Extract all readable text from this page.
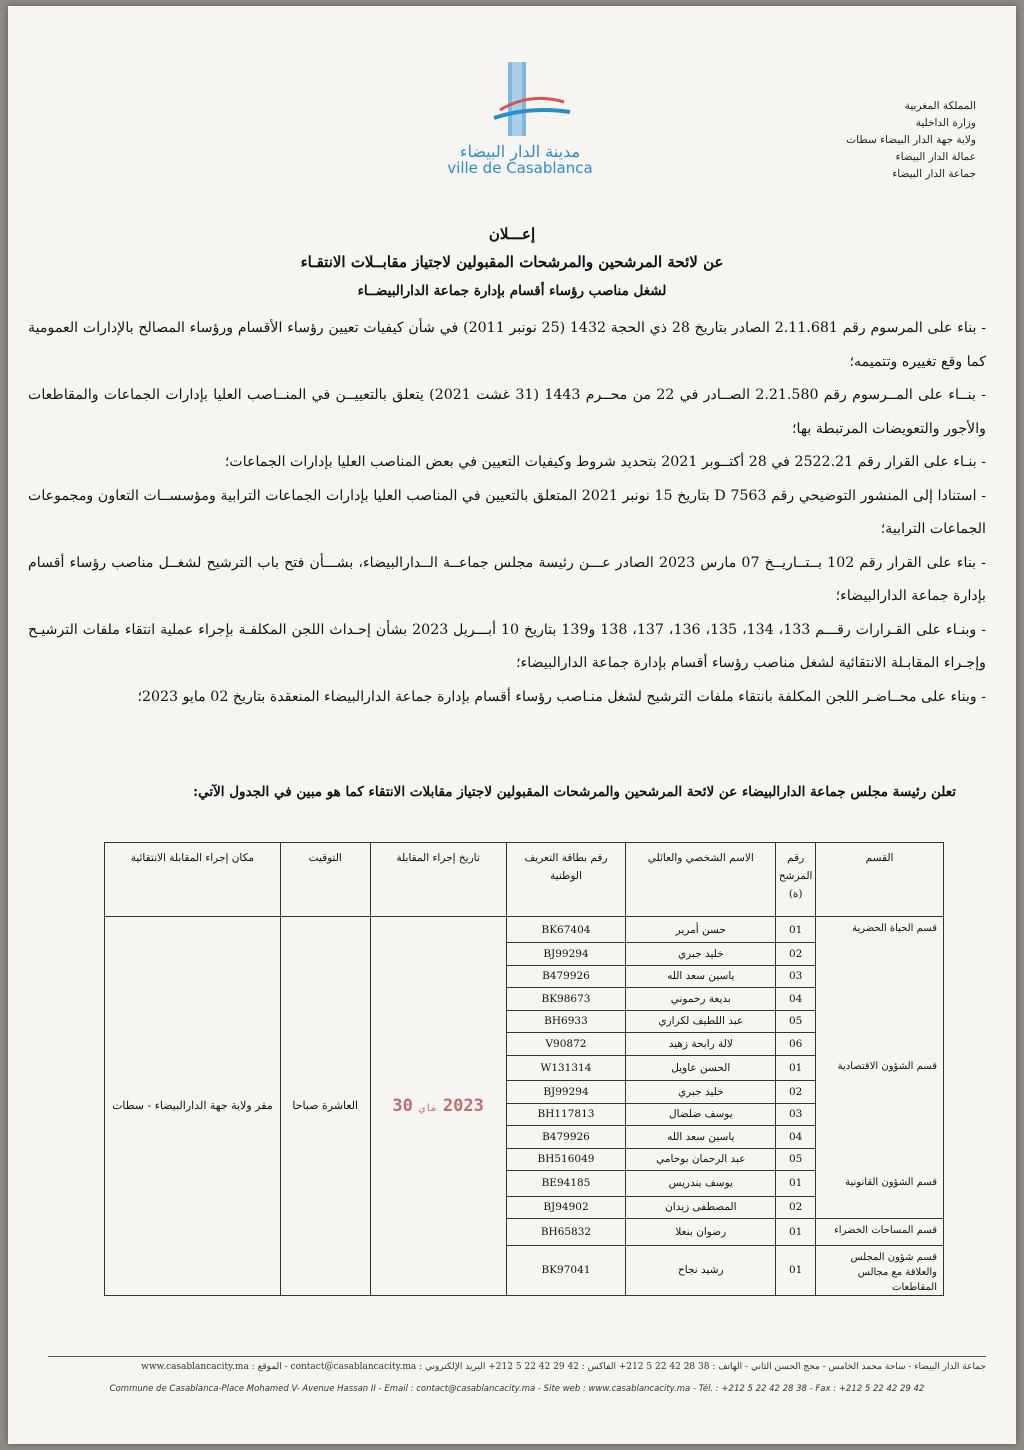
المملكة المغربية
وزارة الداخلية
ولاية جهة الدار البيضاء سطات
عمالة الدار البيضاء
جماعة الدار البيضاء
مدينة الدار البيضاء
ville de Casablanca
إعـــلان
عن لائحة المرشحين والمرشحات المقبولين لاجتياز مقابــلات الانتقـاء
لشغل مناصب رؤساء أقسام بإدارة جماعة الدارالبيضــاء

- بناء على المرسوم رقم 2.11.681 الصادر بتاريخ 28 ذي الحجة 1432 (25 نونبر 2011) في شأن كيفيات تعيين رؤساء الأقسام ورؤساء المصالح بالإدارات العمومية كما وقع تغييره وتتميمه؛

- بنــاء على المــرسوم رقم 2.21.580 الصــادر في 22 من محــرم 1443 (31 غشت 2021) يتعلق بالتعييــن في المنــاصب العليا بإدارات الجماعات والمقاطعات والأجور والتعويضات المرتبطة بها؛

- بنـاء على القرار رقم 2522.21 في 28 أكتــوبر 2021 بتحديد شروط وكيفيات التعيين في بعض المناصب العليا بإدارات الجماعات؛

- استنادا إلى المنشور التوضيحي رقم D 7563 بتاريخ 15 نونبر 2021 المتعلق بالتعيين في المناصب العليا بإدارات الجماعات الترابية ومؤسســات التعاون ومجموعات الجماعات الترابية؛

- بناء على القرار رقم 102 بــتــاريــخ 07 مارس 2023 الصادر عـــن رئيسة مجلس جماعــة الــدارالبيضاء، بشـــأن فتح باب الترشيح لشغــل مناصب رؤساء أقسام بإدارة جماعة الدارالبيضاء؛

- وبنـاء على القـرارات رقـــم 133، 134، 135، 136، 137، 138 و139 بتاريخ 10 أبـــريل 2023 بشأن إحـداث اللجن المكلفـة بإجراء عملية انتقاء ملفات الترشيـح وإجـراء المقابـلة الانتقائية لشغل مناصب رؤساء أقسام بإدارة جماعة الدارالبيضاء؛

- وبناء على محــاضـر اللجن المكلفة بانتقاء ملفات الترشيح لشغل منـاصب رؤساء أقسام بإدارة جماعة الدارالبيضاء المنعقدة بتاريخ 02 مايو 2023؛

تعلن رئيسة مجلس جماعة الدارالبيضاء عن لائحة المرشحين والمرشحات المقبولين لاجتياز مقابلات الانتقاء كما هو مبين في الجدول الآتي:
القسم	رقم المرشح (ة)	الاسم الشخصي والعائلي	رقم بطاقة التعريف الوطنية	تاريخ إجراء المقابلة	التوقيت	مكان إجراء المقابلة الانتقائية
قسم الحياة الحضرية	01	حسن أمرير	BK67404	2023ماي30	العاشرة صباحا	مقر ولاية جهة الدارالبيضاء - سطات
	02	خليد جبري	BJ99294			
	03	ياسين سعد الله	B479926			
	04	بديعة رحموني	BK98673			
	05	عبد اللطيف لكراري	BH6933			
	06	لالة رابحة زهيد	V90872			
قسم الشؤون الاقتصادية	01	الحسن عاويل	W131314			
	02	خليد جبري	BJ99294			
	03	يوسف ضلضال	BH117813			
	04	ياسين سعد الله	B479926			
	05	عبد الرحمان بوحامي	BH516049			
قسم الشؤون القانونية	01	يوسف بندريس	BE94185			
	02	المصطفى زيدان	BJ94902			
قسم المساحات الخضراء	01	رضوان بنعلا	BH65832			
قسم شؤون المجلس والعلاقة مع مجالس المقاطعات	01	رشيد نجاح	BK97041			
جماعة الدار البيضاء - ساحة محمد الخامس - محج الحسن الثاني - الهاتف : 38 28 42 22 5 212+ الفاكس : 42 29 42 22 5 212+ البريد الإلكتروني : contact@casablancacity.ma - الموقع : www.casablancacity.ma
Commune de Casablanca-Place Mohamed V- Avenue Hassan II - Email : contact@casablancacity.ma - Site web : www.casablancacity.ma - Tél. : +212 5 22 42 28 38 - Fax : +212 5 22 42 29 42
